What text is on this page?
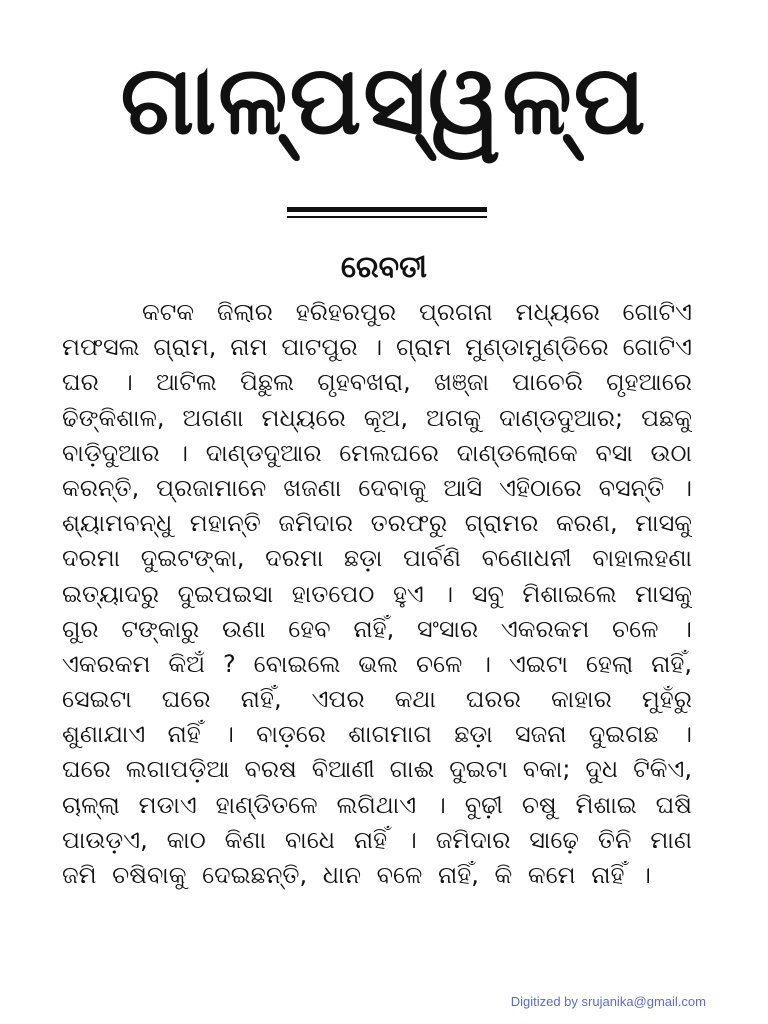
ଗାଳ୍ପସ୍ୱଳ୍ପ
ରେବତୀ
କଟକ ଜିଲାର ହରିହରପୁର ପ୍ରଗନା ମଧ୍ୟରେ ଗୋଟିଏ
ମଫସଲ ଗ୍ରାମ, ନାମ ପାଟପୁର । ଗ୍ରାମ ମୁଣ୍ଡାମୁଣ୍ଡିରେ ଗୋଟିଏ
ଘର । ଆଟିଲ ପିଛୁଲ ଗୃହବଖରା, ଖଞ୍ଜା ପାଚେରି ଗୃହଆରେ
ଢିଙ୍କିଶାଳ, ଅଗଣା ମଧ୍ୟରେ କୂଅ, ଅଗକୁ ଦାଣ୍ଡଦୁଆର; ପଛକୁ
ବାଡ଼ିଦୁଆର । ଦାଣ୍ଡଦୁଆର ମେଲଘରେ ଦାଣ୍ଡଲୋକେ ବସା ଉଠା
କରନ୍ତି, ପ୍ରଜାମାନେ ଖଜଣା ଦେବାକୁ ଆସି ଏହିଠାରେ ବସନ୍ତି ।
ଶ୍ୟାମବନ୍ଧୁ ମହାନ୍ତି ଜମିଦାର ତରଫରୁ ଗ୍ରାମର କରଣ, ମାସକୁ
ଦରମା ଦୁଇଟଙ୍କା, ଦରମା ଛଡ଼ା ପାର୍ବଣି ବଣୋଧନୀ ବାହାଲହଣା
ଇତ୍ୟାଦରୁ ଦୁଇପଇସା ହାତପେଠ ହୁଏ । ସବୁ ମିଶାଇଲେ ମାସକୁ
ଗୁର ଟଙ୍କାରୁ ଉଣା ହେବ ନାହିଁ, ସଂସାର ଏକରକମ ଚଳେ ।
ଏକରକମ କିଅଁ ? ବୋଇଲେ ଭଲ ଚଳେ । ଏଇଟା ହେଲା ନାହିଁ,
ସେଇଟା ଘରେ ନାହିଁ, ଏପର କଥା ଘରର କାହାର ମୁହଁରୁ
ଶୁଣାଯାଏ ନାହିଁ । ବାଡ଼ରେ ଶାଗମାଗ ଛଡ଼ା ସଜନା ଦୁଇଗଛ ।
ଘରେ ଲଗାପଡ଼ିଆ ବରଷ ବିଆଣୀ ଗାଈ ଦୁଇଟା ବକା; ଦୁଧ ଟିକିଏ,
ଚାଳ୍ଲା ମଡାଏ ହାଣ୍ଡିତଳେ ଲଗିଥାଏ । ବୁଢ଼ୀ ଚଷୁ ମିଶାଇ ଘଷି
ପାଉଡ଼ଏ, କାଠ କିଣା ବାଧେ ନାହିଁ । ଜମିଦାର ସାଢ଼େ ତିନି ମାଣ
ଜମି ଚଷିବାକୁ ଦେଇଛନ୍ତି, ଧାନ ବଳେ ନାହିଁ, କି କମେ ନାହିଁ ।
Digitized by srujanika@gmail.com
